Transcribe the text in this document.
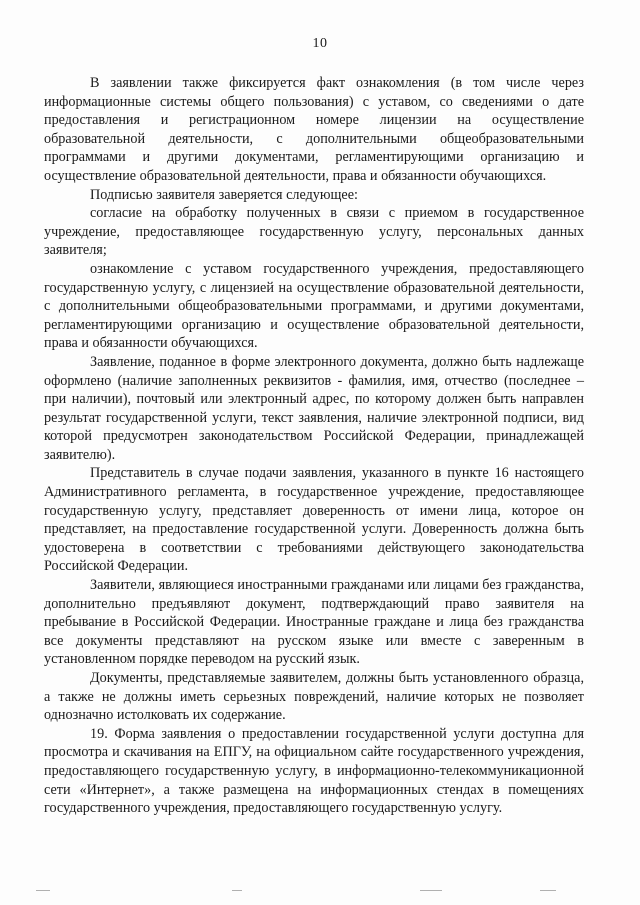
10

В заявлении также фиксируется факт ознакомления (в том числе через информационные системы общего пользования) с уставом, со сведениями о дате предоставления и регистрационном номере лицензии на осуществление образовательной деятельности, с дополнительными общеобразовательными программами и другими документами, регламентирующими организацию и осуществление образовательной деятельности, права и обязанности обучающихся.

Подписью заявителя заверяется следующее:

согласие на обработку полученных в связи с приемом в государственное учреждение, предоставляющее государственную услугу, персональных данных заявителя;

ознакомление с уставом государственного учреждения, предоставляющего государственную услугу, с лицензией на осуществление образовательной деятельности, с дополнительными общеобразовательными программами, и другими документами, регламентирующими организацию и осуществление образовательной деятельности, права и обязанности обучающихся.

Заявление, поданное в форме электронного документа, должно быть надлежаще оформлено (наличие заполненных реквизитов - фамилия, имя, отчество (последнее – при наличии), почтовый или электронный адрес, по которому должен быть направлен результат государственной услуги, текст заявления, наличие электронной подписи, вид которой предусмотрен законодательством Российской Федерации, принадлежащей заявителю).

Представитель в случае подачи заявления, указанного в пункте 16 настоящего Административного регламента, в государственное учреждение, предоставляющее государственную услугу, представляет доверенность от имени лица, которое он представляет, на предоставление государственной услуги. Доверенность должна быть удостоверена в соответствии с требованиями действующего законодательства Российской Федерации.

Заявители, являющиеся иностранными гражданами или лицами без гражданства, дополнительно предъявляют документ, подтверждающий право заявителя на пребывание в Российской Федерации. Иностранные граждане и лица без гражданства все документы представляют на русском языке или вместе с заверенным в установленном порядке переводом на русский язык.

Документы, представляемые заявителем, должны быть установленного образца, а также не должны иметь серьезных повреждений, наличие которых не позволяет однозначно истолковать их содержание.

19. Форма заявления о предоставлении государственной услуги доступна для просмотра и скачивания на ЕПГУ, на официальном сайте государственного учреждения, предоставляющего государственную услугу, в информационно-телекоммуникационной сети «Интернет», а также размещена на информационных стендах в помещениях государственного учреждения, предоставляющего государственную услугу.
